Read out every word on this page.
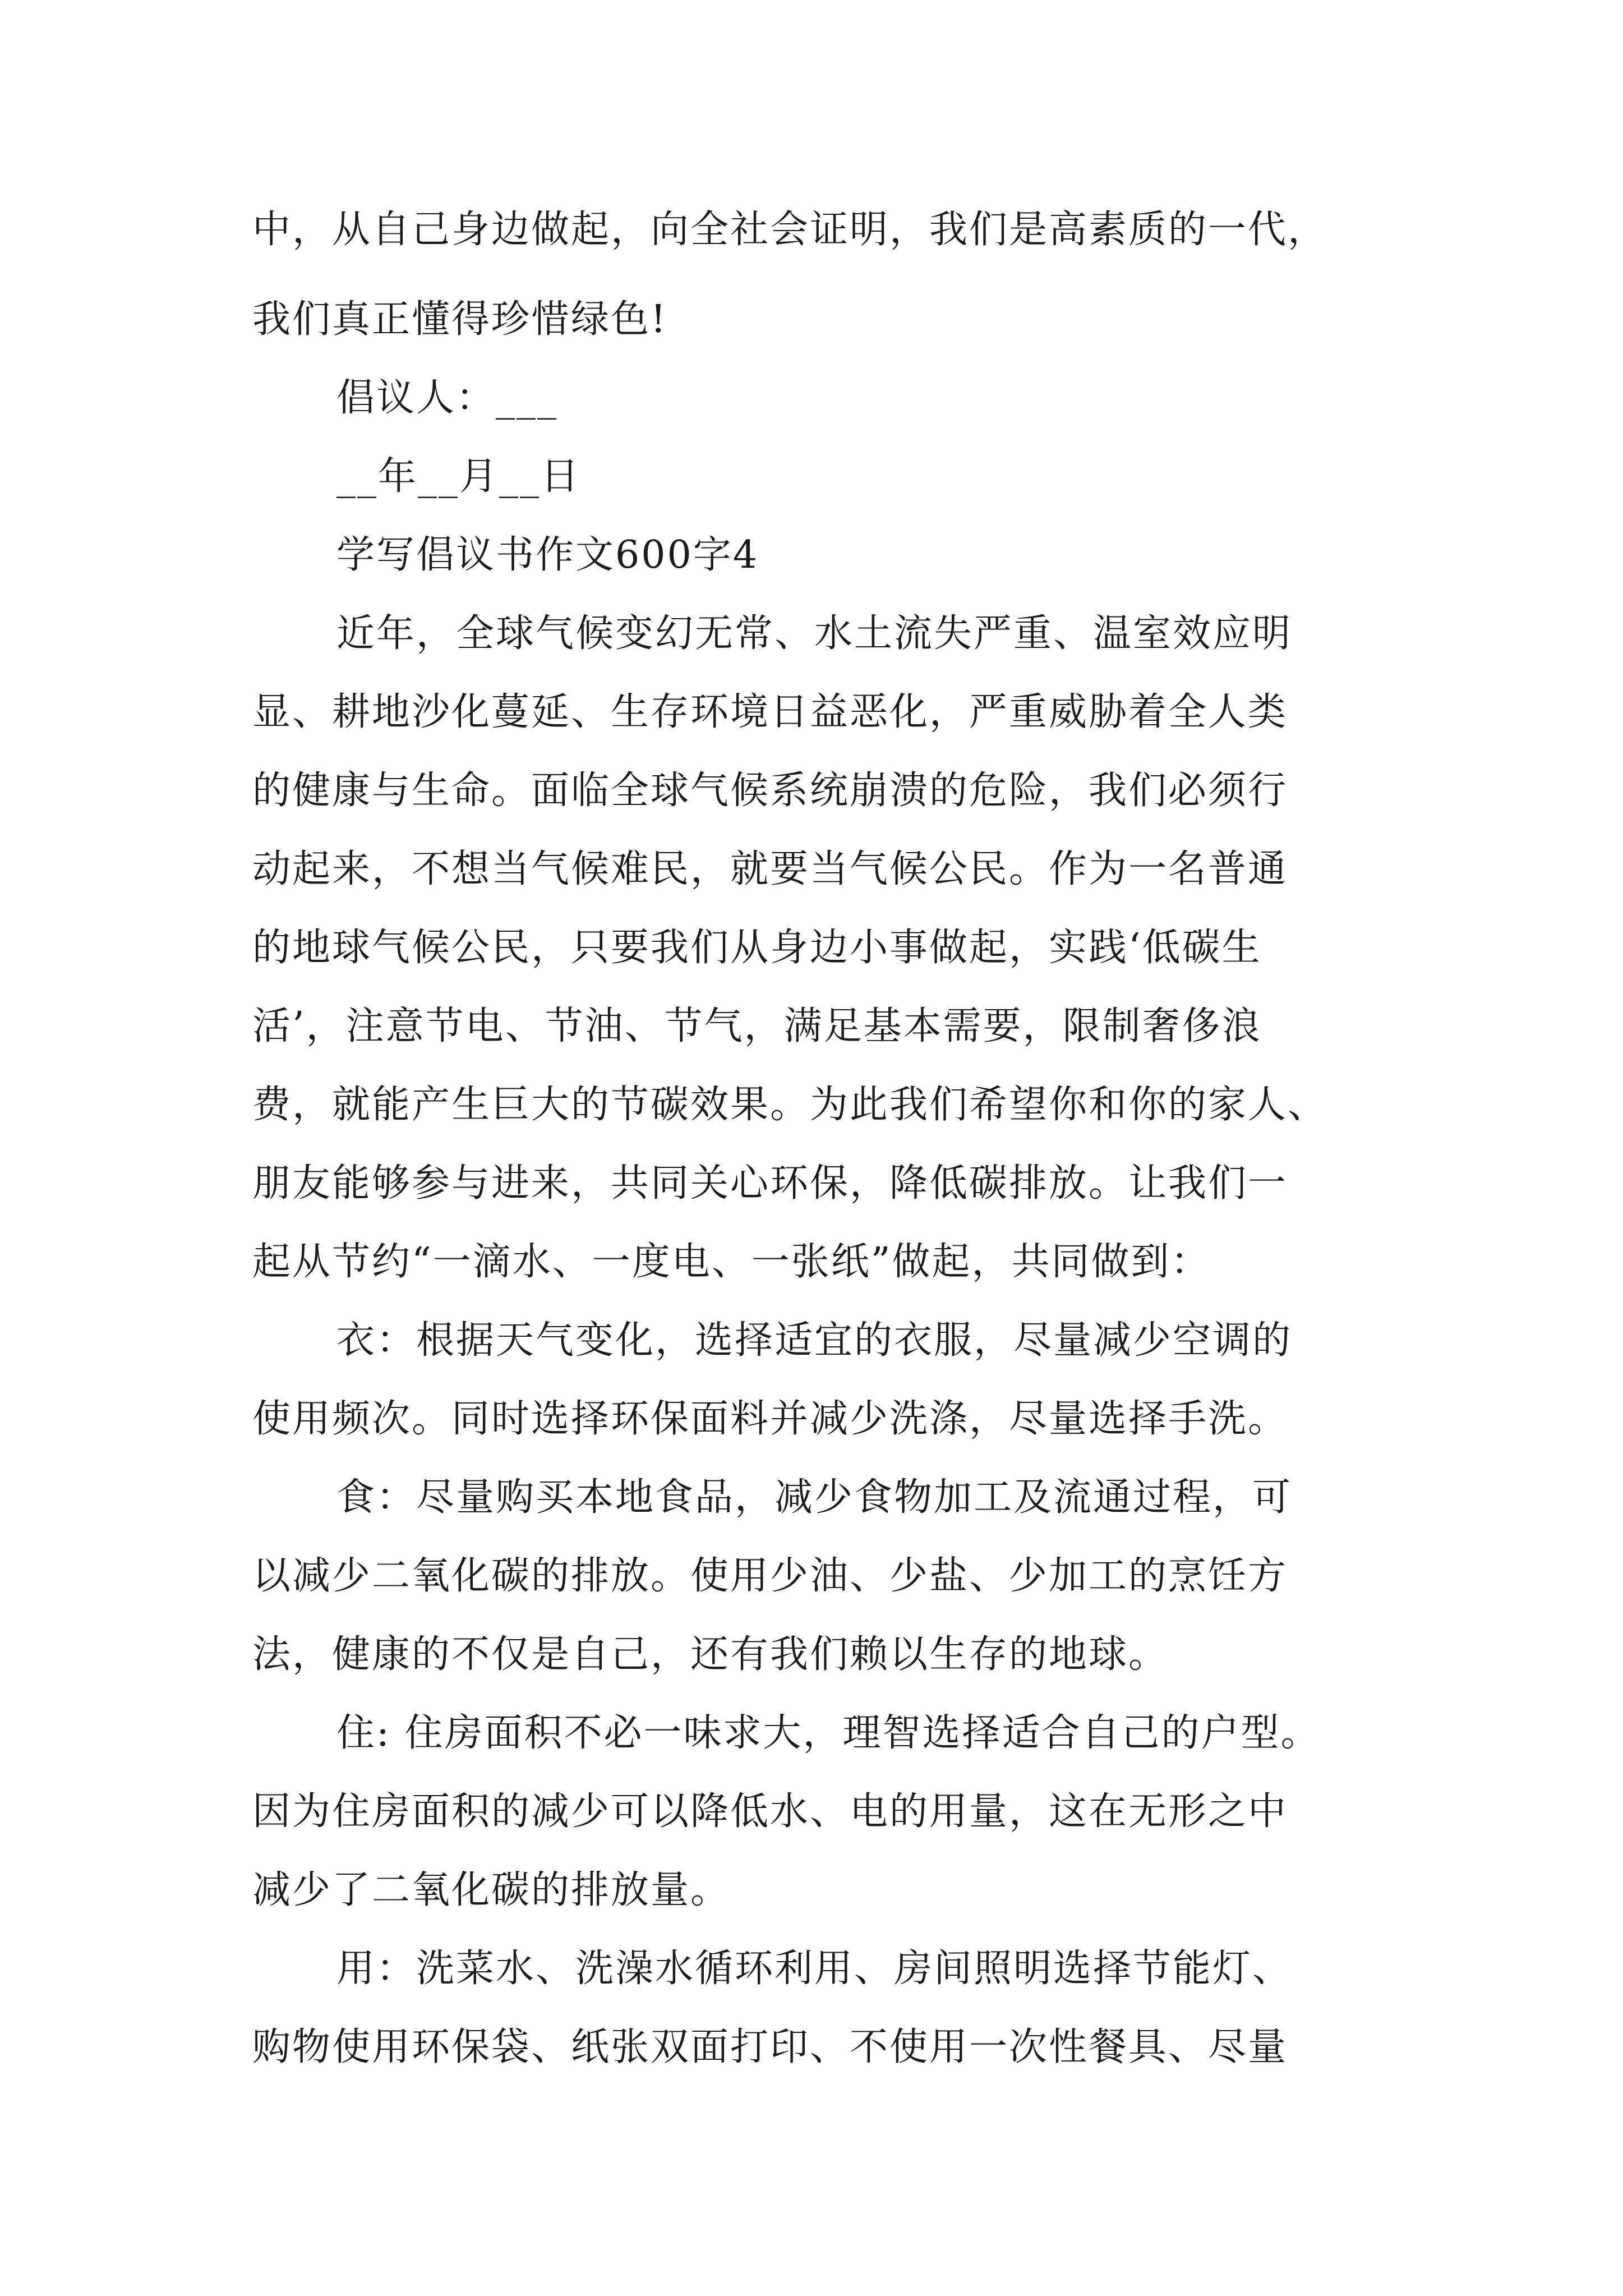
中，从自己身边做起，向全社会证明，我们是高素质的一代，
我们真正懂得珍惜绿色!
倡议人：___
__年__月__日
学写倡议书作文600字4
近年，全球气候变幻无常、水土流失严重、温室效应明
显、耕地沙化蔓延、生存环境日益恶化，严重威胁着全人类
的健康与生命。面临全球气候系统崩溃的危险，我们必须行
动起来，不想当气候难民，就要当气候公民。作为一名普通
的地球气候公民，只要我们从身边小事做起，实践‘低碳生
活’，注意节电、节油、节气，满足基本需要，限制奢侈浪
费，就能产生巨大的节碳效果。为此我们希望你和你的家人、
朋友能够参与进来，共同关心环保，降低碳排放。让我们一
起从节约“一滴水、一度电、一张纸”做起，共同做到：
衣：根据天气变化，选择适宜的衣服，尽量减少空调的
使用频次。同时选择环保面料并减少洗涤，尽量选择手洗。
食：尽量购买本地食品，减少食物加工及流通过程，可
以减少二氧化碳的排放。使用少油、少盐、少加工的烹饪方
法，健康的不仅是自己，还有我们赖以生存的地球。
住: 住房面积不必一味求大，理智选择适合自己的户型。
因为住房面积的减少可以降低水、电的用量，这在无形之中
减少了二氧化碳的排放量。
用：洗菜水、洗澡水循环利用、房间照明选择节能灯、
购物使用环保袋、纸张双面打印、不使用一次性餐具、尽量
